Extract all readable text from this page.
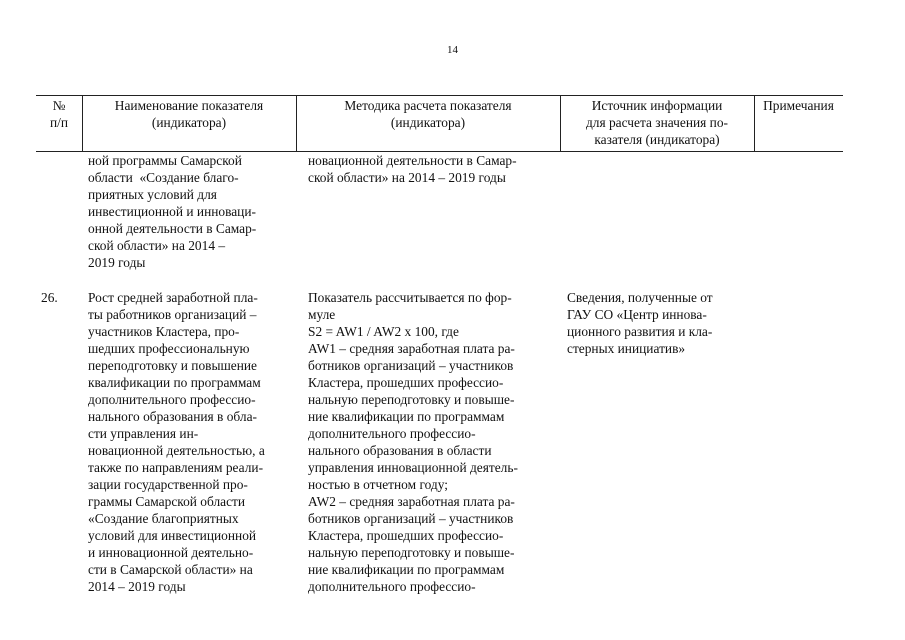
14
№
п/п
Наименование показателя
(индикатора)
Методика расчета показателя
(индикатора)
Источник информации
для расчета значения по-
казателя (индикатора)
Примечания
ной программы Самарской
области  «Создание благо-
приятных условий для
инвестиционной и инноваци-
онной деятельности в Самар-
ской области» на 2014 –
2019 годы
новационной деятельности в Самар-
ской области» на 2014 – 2019 годы
26. Рост средней заработной пла-
ты работников организаций –
участников Кластера, про-
шедших профессиональную
переподготовку и повышение
квалификации по программам
дополнительного профессио-
нального образования в обла-
сти управления ин-
новационной деятельностью, а
также по направлениям реали-
зации государственной про-
граммы Самарской области
«Создание благоприятных
условий для инвестиционной
и инновационной деятельно-
сти в Самарской области» на
2014 – 2019 годы
Показатель рассчитывается по фор-
муле
S2 = AW1 / AW2 х 100, где
AW1 – средняя заработная плата ра-
ботников организаций – участников
Кластера, прошедших профессио-
нальную переподготовку и повыше-
ние квалификации по программам
дополнительного профессио-
нального образования в области
управления инновационной деятель-
ностью в отчетном году;
AW2 – средняя заработная плата ра-
ботников организаций – участников
Кластера, прошедших профессио-
нальную переподготовку и повыше-
ние квалификации по программам
дополнительного профессио-
Сведения, полученные от
ГАУ СО «Центр иннова-
ционного развития и кла-
стерных инициатив»
